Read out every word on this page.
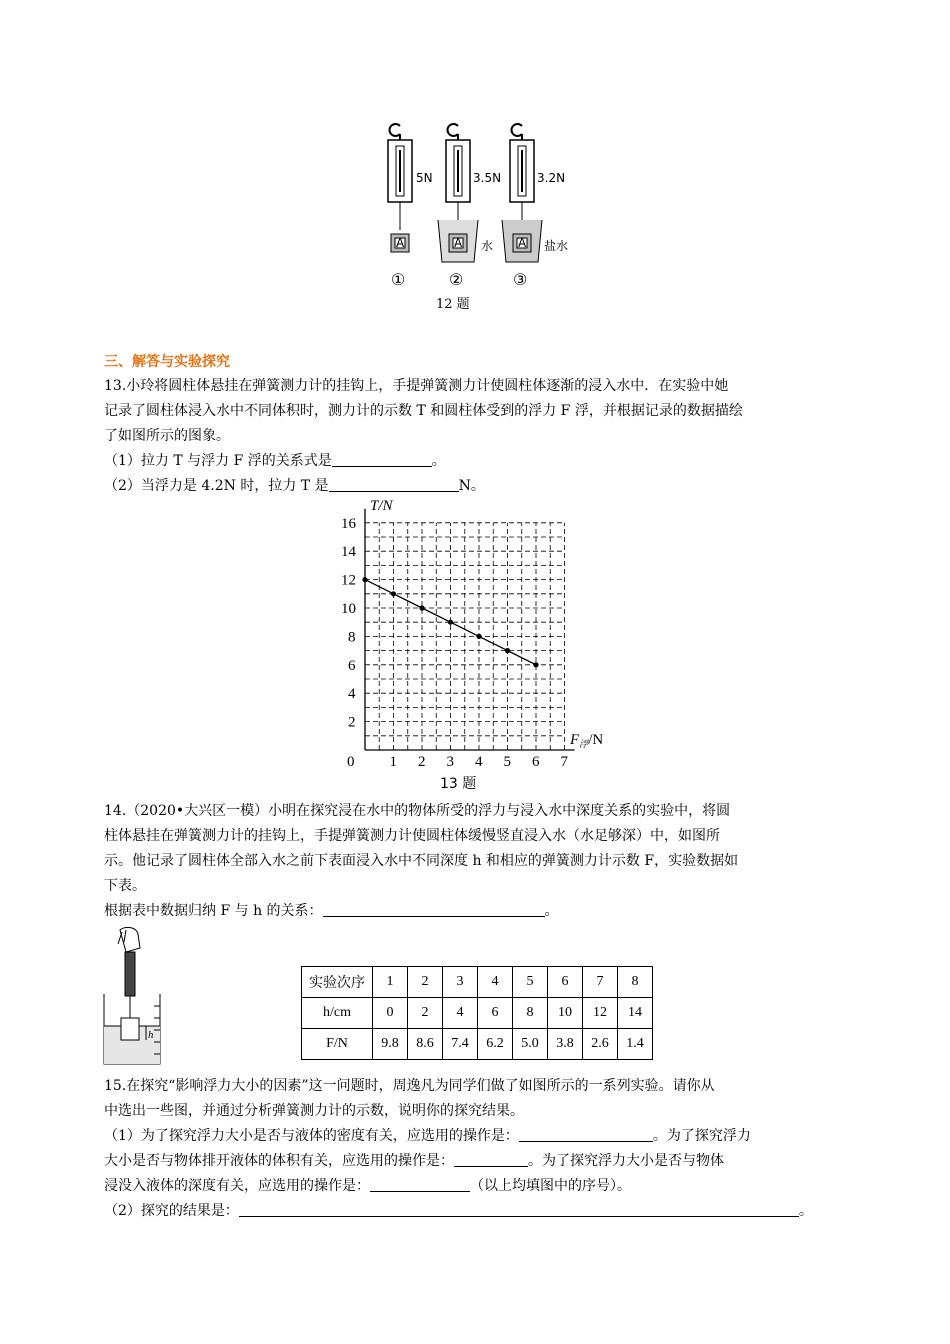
5N
A
3.5N
A 水
3.2N
A 盐水
①	②	③
12 题
三、解答与实验探究
13.小玲将圆柱体悬挂在弹簧测力计的挂钩上，手提弹簧测力计使圆柱体逐渐的浸入水中．在实验中她
记录了圆柱体浸入水中不同体积时，测力计的示数 T 和圆柱体受到的浮力 F 浮，并根据记录的数据描绘
了如图所示的图象。
（1）拉力 T 与浮力 F 浮的关系式是	。
（2）当浮力是 4.2N 时，拉力 T 是	N。
1 2 3 4 5 6 7
2
4
6
8
10
12
14
16
T/N
$F_浮/N$
0
13 题
14.（2020•大兴区一模）小明在探究浸在水中的物体所受的浮力与浸入水中深度关系的实验中，将圆
柱体悬挂在弹簧测力计的挂钩上，手提弹簧测力计使圆柱体缓慢竖直浸入水（水足够深）中，如图所
示。他记录了圆柱体全部入水之前下表面浸入水中不同深度 h 和相应的弹簧测力计示数 F，实验数据如
下表。
根据表中数据归纳 F 与 h 的关系：	。
h
实验次序	1	2	3	4	5	6	7	8
h/cm	0	2	4	6	8	10	12	14
F/N	9.8	8.6	7.4	6.2	5.0	3.8	2.6	1.4
15.在探究“影响浮力大小的因素”这一问题时，周逸凡为同学们做了如图所示的一系列实验。请你从
中选出一些图，并通过分析弹簧测力计的示数，说明你的探究结果。
（1）为了探究浮力大小是否与液体的密度有关，应选用的操作是：	。为了探究浮力
大小是否与物体排开液体的体积有关，应选用的操作是：	。为了探究浮力大小是否与物体
浸没入液体的深度有关，应选用的操作是：	（以上均填图中的序号）。
（2）探究的结果是：	。
